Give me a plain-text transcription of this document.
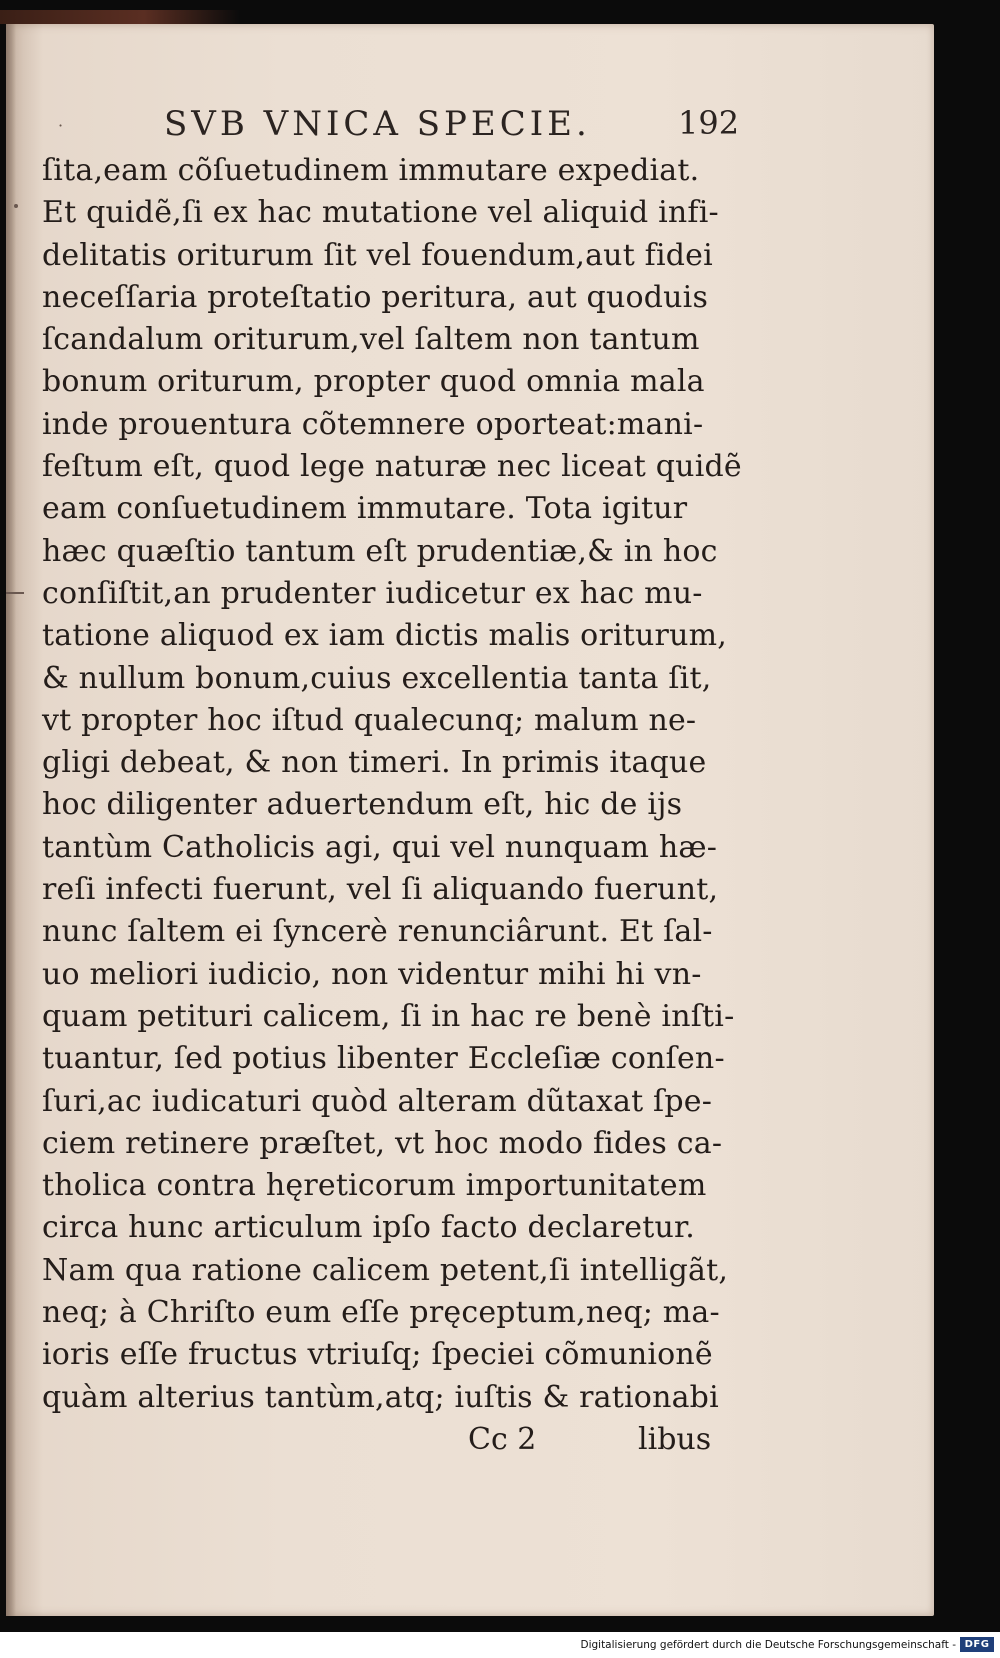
·	SVB VNICA SPECIE.	192
ſita,eam cõſuetudinem immutare expediat.
Et quidẽ,ſi ex hac mutatione vel aliquid infi-
delitatis oriturum ſit vel fouendum,aut fidei
neceſſaria proteſtatio peritura, aut quoduis
ſcandalum oriturum,vel ſaltem non tantum
bonum oriturum, propter quod omnia mala
inde prouentura cõtemnere oporteat:mani-
feſtum eſt, quod lege naturæ nec liceat quidẽ
eam conſuetudinem immutare. Tota igitur
hæc quæſtio tantum eſt prudentiæ,& in hoc
conſiſtit,an prudenter iudicetur ex hac mu-
tatione aliquod ex iam dictis malis oriturum,
& nullum bonum,cuius excellentia tanta ſit,
vt propter hoc iſtud qualecunq; malum ne-
gligi debeat, & non timeri. In primis itaque
hoc diligenter aduertendum eſt, hic de ijs
tantùm Catholicis agi, qui vel nunquam hæ-
reſi infecti fuerunt, vel ſi aliquando fuerunt,
nunc ſaltem ei ſyncerè renunciârunt. Et ſal-
uo meliori iudicio, non videntur mihi hi vn-
quam petituri calicem, ſi in hac re benè inſti-
tuantur, ſed potius libenter Eccleſiæ conſen-
ſuri,ac iudicaturi quòd alteram dũtaxat ſpe-
ciem retinere præſtet, vt hoc modo fides ca-
tholica contra hęreticorum importunitatem
circa hunc articulum ipſo facto declaretur.
Nam qua ratione calicem petent,ſi intelligãt,
neq; à Chriſto eum eſſe pręceptum,neq; ma-
ioris eſſe fructus vtriuſq; ſpeciei cõmunionẽ
quàm alterius tantùm,atq; iuſtis & rationabi
Cc 2	libus
Digitalisierung gefördert durch die Deutsche Forschungsgemeinschaft - DFG
